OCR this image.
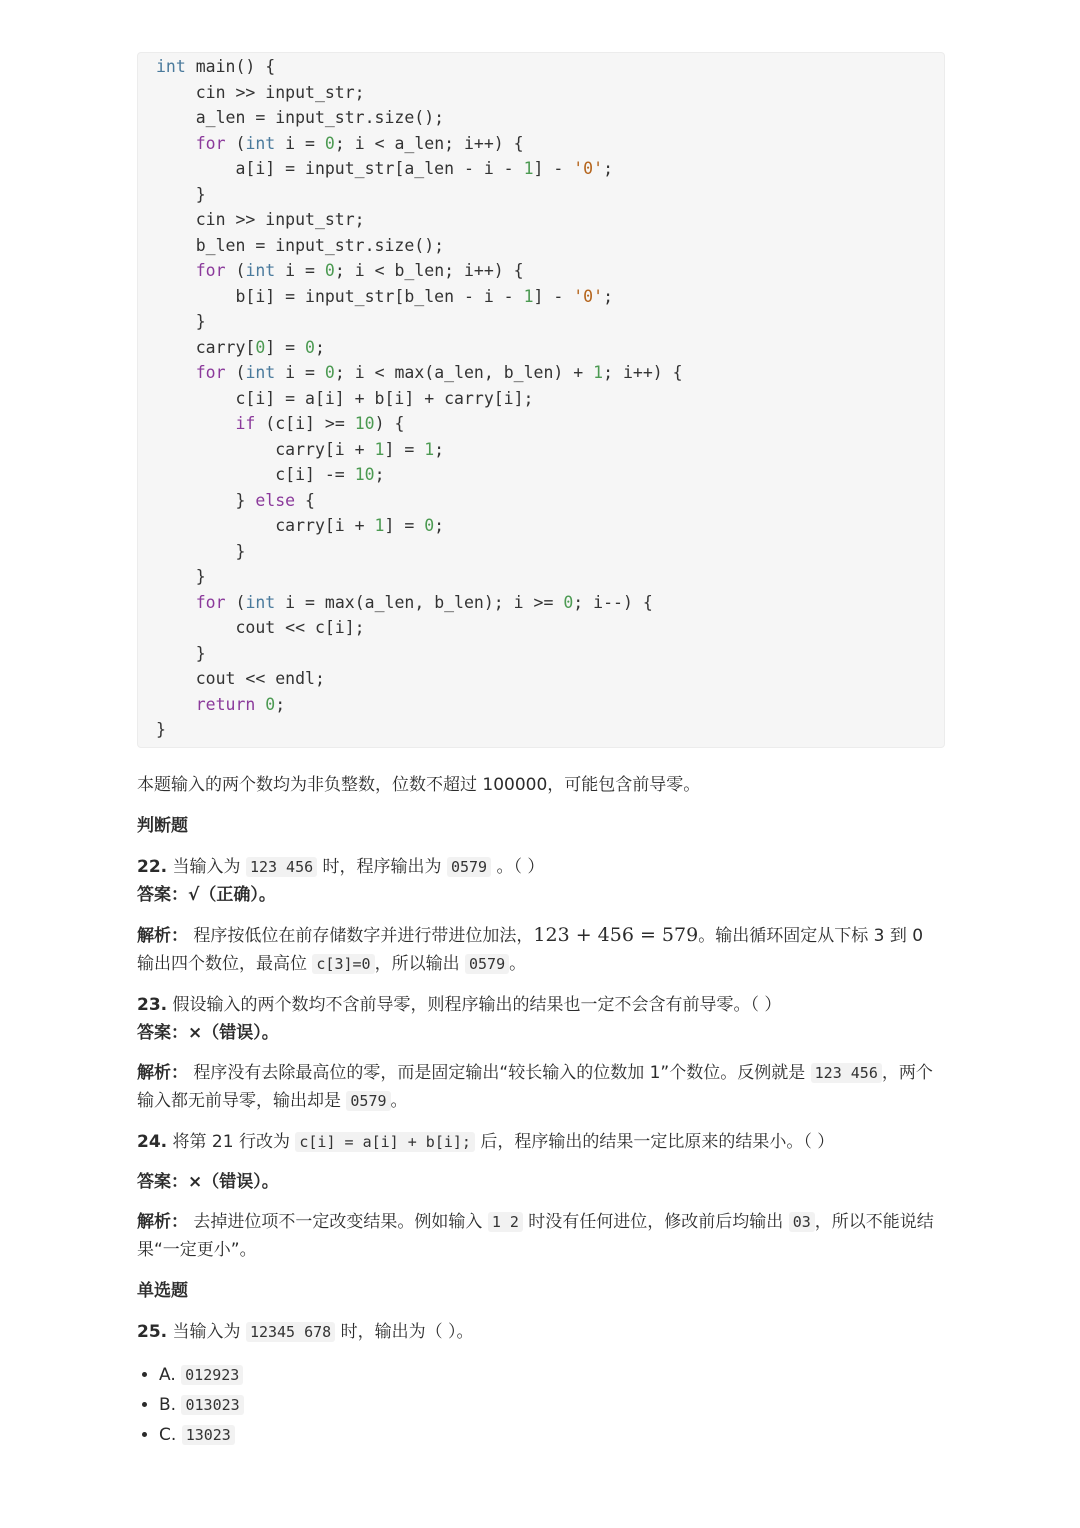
int main() {
cin >> input_str;
a_len = input_str.size();
for (int i = 0; i < a_len; i++) {
a[i] = input_str[a_len - i - 1] - '0';
}
cin >> input_str;
b_len = input_str.size();
for (int i = 0; i < b_len; i++) {
b[i] = input_str[b_len - i - 1] - '0';
}
carry[0] = 0;
for (int i = 0; i < max(a_len, b_len) + 1; i++) {
c[i] = a[i] + b[i] + carry[i];
if (c[i] >= 10) {
carry[i + 1] = 1;
c[i] -= 10;
} else {
carry[i + 1] = 0;
}
}
for (int i = max(a_len, b_len); i >= 0; i--) {
cout << c[i];
}
cout << endl;
return 0;
}

本题输入的两个数均为非负整数，位数不超过 100000，可能包含前导零。

判断题

22. 当输入为 123 456 时，程序输出为 0579 。（ ）

答案：√（正确）。

解析： 程序按低位在前存储数字并进行带进位加法，123 + 456 = 579。输出循环固定从下标 3 到 0 输出四个数位，最高位 c[3]=0 ，所以输出 0579 。

23. 假设输入的两个数均不含前导零，则程序输出的结果也一定不会含有前导零。（ ）

答案：×（错误）。

解析： 程序没有去除最高位的零，而是固定输出“较长输入的位数加 1”个数位。反例就是 123 456 ，两个输入都无前导零，输出却是 0579 。

24. 将第 21 行改为 c[i] = a[i] + b[i]; 后，程序输出的结果一定比原来的结果小。（ ）

答案：×（错误）。

解析： 去掉进位项不一定改变结果。例如输入 1 2 时没有任何进位，修改前后均输出 03 ，所以不能说结果“一定更小”。

单选题

25. 当输入为 12345 678 时，输出为（ ）。

• A. 012923
• B. 013023
• C. 13023
